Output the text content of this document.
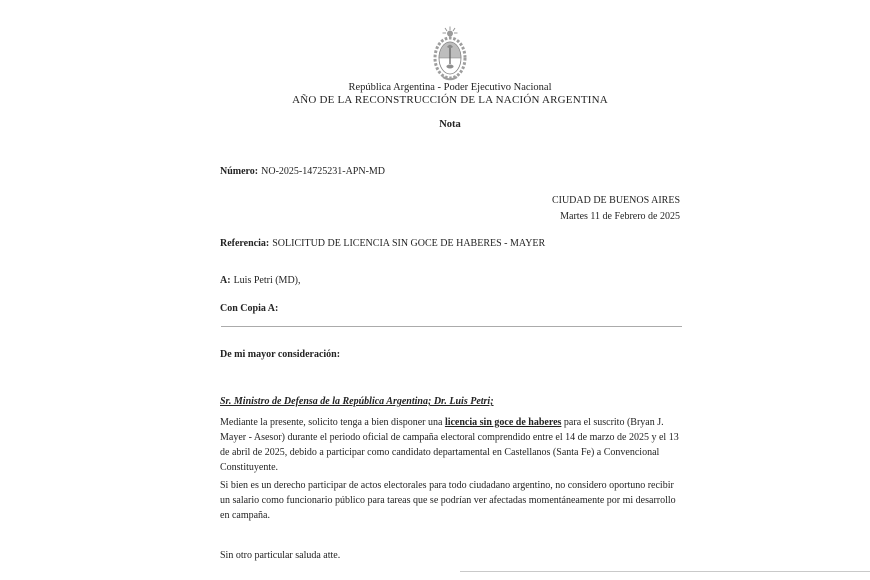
República Argentina - Poder Ejecutivo Nacional
AÑO DE LA RECONSTRUCCIÓN DE LA NACIÓN ARGENTINA
Nota
Número: NO-2025-14725231-APN-MD
CIUDAD DE BUENOS AIRES
Martes 11 de Febrero de 2025
Referencia: SOLICITUD DE LICENCIA SIN GOCE DE HABERES - MAYER
A: Luis Petri (MD),
Con Copia A:
De mi mayor consideración:
Sr. Ministro de Defensa de la República Argentina; Dr. Luis Petri;

Mediante la presente, solicito tenga a bien disponer una licencia sin goce de haberes para el suscrito (Bryan J. Mayer - Asesor) durante el periodo oficial de campaña electoral comprendido entre el 14 de marzo de 2025 y el 13 de abril de 2025, debido a participar como candidato departamental en Castellanos (Santa Fe) a Convencional Constituyente.

Si bien es un derecho participar de actos electorales para todo ciudadano argentino, no considero oportuno recibir un salario como funcionario público para tareas que se podrían ver afectadas momentáneamente por mi desarrollo en campaña.

Sin otro particular saluda atte.
